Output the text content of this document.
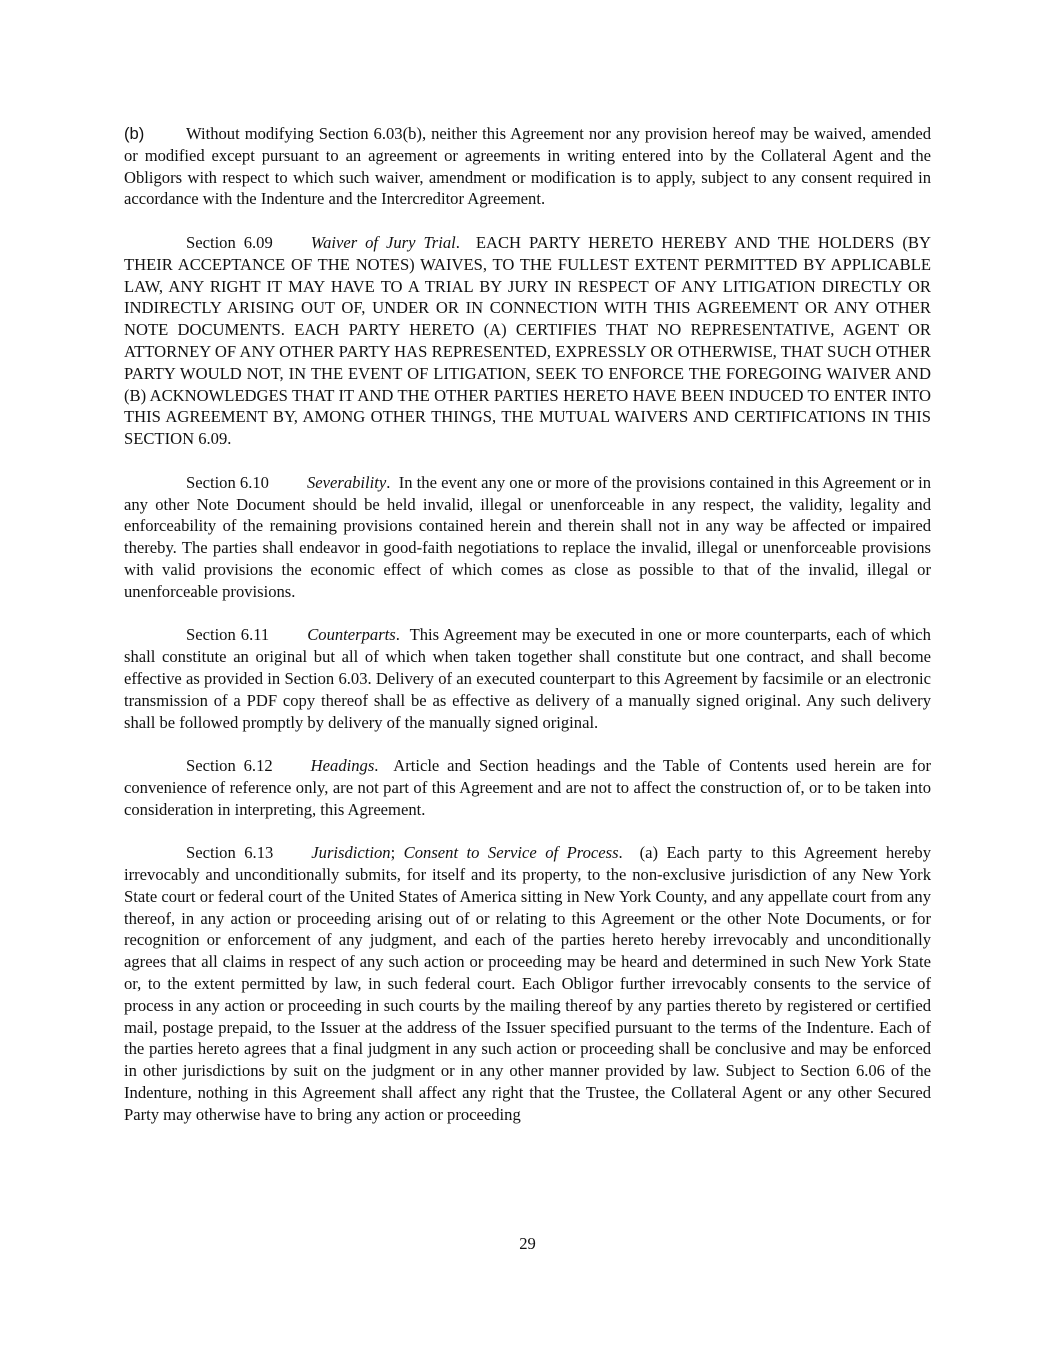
(b)	Without modifying Section 6.03(b), neither this Agreement nor any provision hereof may be waived, amended or modified except pursuant to an agreement or agreements in writing entered into by the Collateral Agent and the Obligors with respect to which such waiver, amendment or modification is to apply, subject to any consent required in accordance with the Indenture and the Intercreditor Agreement.

Section 6.09 Waiver of Jury Trial.  EACH PARTY HERETO HEREBY AND THE HOLDERS (BY THEIR ACCEPTANCE OF THE NOTES) WAIVES, TO THE FULLEST EXTENT PERMITTED BY APPLICABLE LAW, ANY RIGHT IT MAY HAVE TO A TRIAL BY JURY IN RESPECT OF ANY LITIGATION DIRECTLY OR INDIRECTLY ARISING OUT OF, UNDER OR IN CONNECTION WITH THIS AGREEMENT OR ANY OTHER NOTE DOCUMENTS. EACH PARTY HERETO (A) CERTIFIES THAT NO REPRESENTATIVE, AGENT OR ATTORNEY OF ANY OTHER PARTY HAS REPRESENTED, EXPRESSLY OR OTHERWISE, THAT SUCH OTHER PARTY WOULD NOT, IN THE EVENT OF LITIGATION, SEEK TO ENFORCE THE FOREGOING WAIVER AND (B) ACKNOWLEDGES THAT IT AND THE OTHER PARTIES HERETO HAVE BEEN INDUCED TO ENTER INTO THIS AGREEMENT BY, AMONG OTHER THINGS, THE MUTUAL WAIVERS AND CERTIFICATIONS IN THIS SECTION 6.09.

Section 6.10 Severability.  In the event any one or more of the provisions contained in this Agreement or in any other Note Document should be held invalid, illegal or unenforceable in any respect, the validity, legality and enforceability of the remaining provisions contained herein and therein shall not in any way be affected or impaired thereby. The parties shall endeavor in good-faith negotiations to replace the invalid, illegal or unenforceable provisions with valid provisions the economic effect of which comes as close as possible to that of the invalid, illegal or unenforceable provisions.

Section 6.11 Counterparts.  This Agreement may be executed in one or more counterparts, each of which shall constitute an original but all of which when taken together shall constitute but one contract, and shall become effective as provided in Section 6.03. Delivery of an executed counterpart to this Agreement by facsimile or an electronic transmission of a PDF copy thereof shall be as effective as delivery of a manually signed original. Any such delivery shall be followed promptly by delivery of the manually signed original.

Section 6.12 Headings.  Article and Section headings and the Table of Contents used herein are for convenience of reference only, are not part of this Agreement and are not to affect the construction of, or to be taken into consideration in interpreting, this Agreement.

Section 6.13 Jurisdiction; Consent to Service of Process.  (a) Each party to this Agreement hereby irrevocably and unconditionally submits, for itself and its property, to the non-exclusive jurisdiction of any New York State court or federal court of the United States of America sitting in New York County, and any appellate court from any thereof, in any action or proceeding arising out of or relating to this Agreement or the other Note Documents, or for recognition or enforcement of any judgment, and each of the parties hereto hereby irrevocably and unconditionally agrees that all claims in respect of any such action or proceeding may be heard and determined in such New York State or, to the extent permitted by law, in such federal court. Each Obligor further irrevocably consents to the service of process in any action or proceeding in such courts by the mailing thereof by any parties thereto by registered or certified mail, postage prepaid, to the Issuer at the address of the Issuer specified pursuant to the terms of the Indenture. Each of the parties hereto agrees that a final judgment in any such action or proceeding shall be conclusive and may be enforced in other jurisdictions by suit on the judgment or in any other manner provided by law. Subject to Section 6.06 of the Indenture, nothing in this Agreement shall affect any right that the Trustee, the Collateral Agent or any other Secured Party may otherwise have to bring any action or proceeding

29
